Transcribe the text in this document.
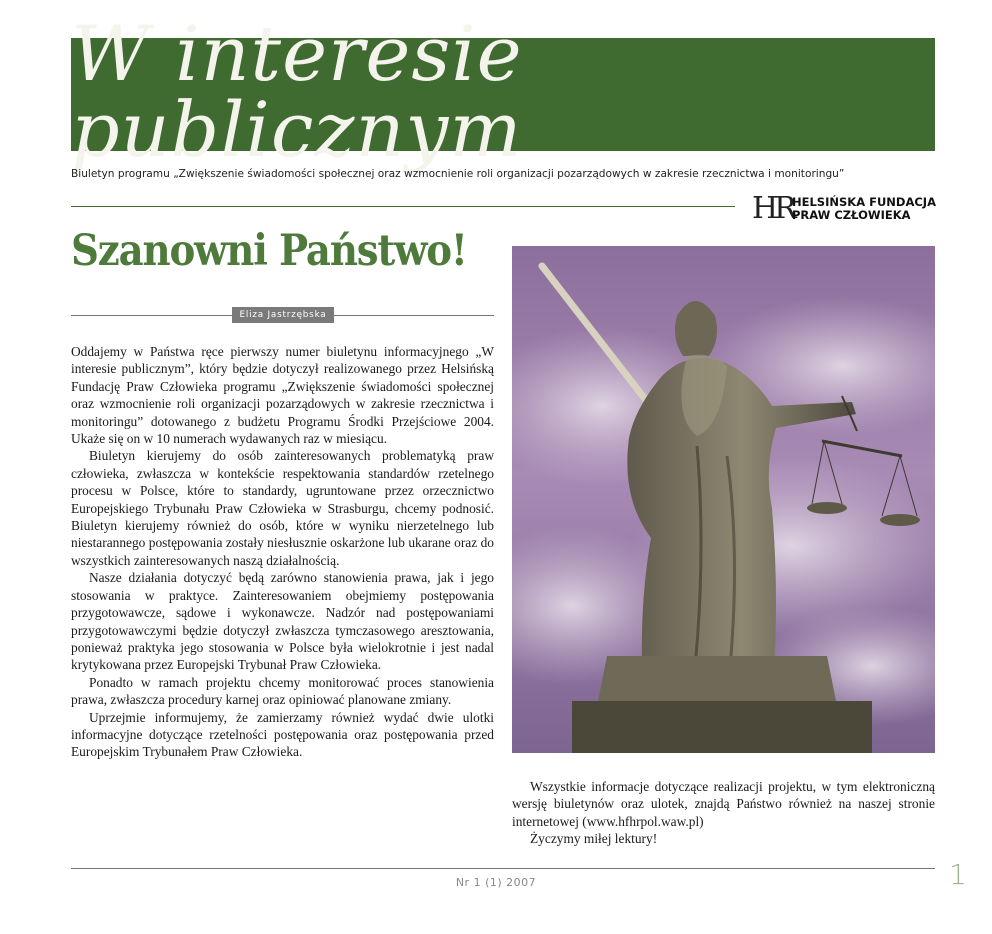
W interesie publicznym
Biuletyn programu „Zwiększenie świadomości społecznej oraz wzmocnienie roli organizacji pozarządowych w zakresie rzecznictwa i monitoringu”
HR HELSIŃSKA FUNDACJA
PRAW CZŁOWIEKA
Szanowni Państwo!
Eliza Jastrzębska

Oddajemy w Państwa ręce pierwszy numer biuletynu informacyjnego „W interesie publicznym”, który będzie dotyczył realizowanego przez Helsińską Fundację Praw Człowieka programu „Zwiększenie świadomości społecznej oraz wzmocnienie roli organizacji pozarządowych w zakresie rzecznictwa i monitoringu” dotowanego z budżetu Programu Środki Przejściowe 2004. Ukaże się on w 10 numerach wydawanych raz w miesiącu.

Biuletyn kierujemy do osób zainteresowanych problematyką praw człowieka, zwłaszcza w kontekście respektowania standardów rzetelnego procesu w Polsce, które to standardy, ugruntowane przez orzecznictwo Europejskiego Trybunału Praw Człowieka w Strasburgu, chcemy podnosić. Biuletyn kierujemy również do osób, które w wyniku nierzetelnego lub niestarannego postępowania zostały niesłusznie oskarżone lub ukarane oraz do wszystkich zainteresowanych naszą działalnością.

Nasze działania dotyczyć będą zarówno stanowienia prawa, jak i jego stosowania w praktyce. Zainteresowaniem obejmiemy postępowania przygotowawcze, sądowe i wykonawcze. Nadzór nad postępowaniami przygotowawczymi będzie dotyczył zwłaszcza tymczasowego aresztowania, ponieważ praktyka jego stosowania w Polsce była wielokrotnie i jest nadal krytykowana przez Europejski Trybunał Praw Człowieka.

Ponadto w ramach projektu chcemy monitorować proces stanowienia prawa, zwłaszcza procedury karnej oraz opiniować planowane zmiany.

Uprzejmie informujemy, że zamierzamy również wydać dwie ulotki informacyjne dotyczące rzetelności postępowania oraz postępowania przed Europejskim Trybunałem Praw Człowieka.

Wszystkie informacje dotyczące realizacji projektu, w tym elektroniczną wersję biuletynów oraz ulotek, znajdą Państwo również na naszej stronie internetowej (www.hfhrpol.waw.pl)

Życzymy miłej lektury!

Nr 1 (1) 2007	1
